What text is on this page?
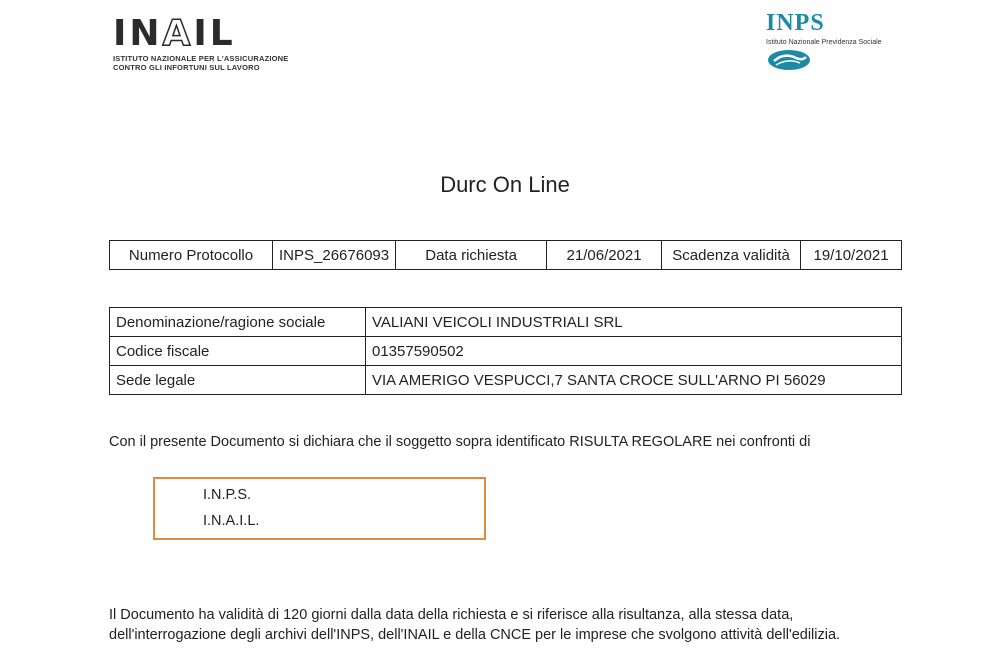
INAIL
ISTITUTO NAZIONALE PER L'ASSICURAZIONE
CONTRO GLI INFORTUNI SUL LAVORO
INPS
Istituto Nazionale Previdenza Sociale
Durc On Line
Numero Protocollo	INPS_26676093	Data richiesta	21/06/2021	Scadenza validità	19/10/2021
Denominazione/ragione sociale	VALIANI VEICOLI INDUSTRIALI SRL
Codice fiscale	01357590502
Sede legale	VIA AMERIGO VESPUCCI,7 SANTA CROCE SULL'ARNO PI 56029
Con il presente Documento si dichiara che il soggetto sopra identificato RISULTA REGOLARE nei confronti di
I.N.P.S.
I.N.A.I.L.
Il Documento ha validità di 120 giorni dalla data della richiesta e si riferisce alla risultanza, alla stessa data,
dell'interrogazione degli archivi dell'INPS, dell'INAIL e della CNCE per le imprese che svolgono attività dell'edilizia.
